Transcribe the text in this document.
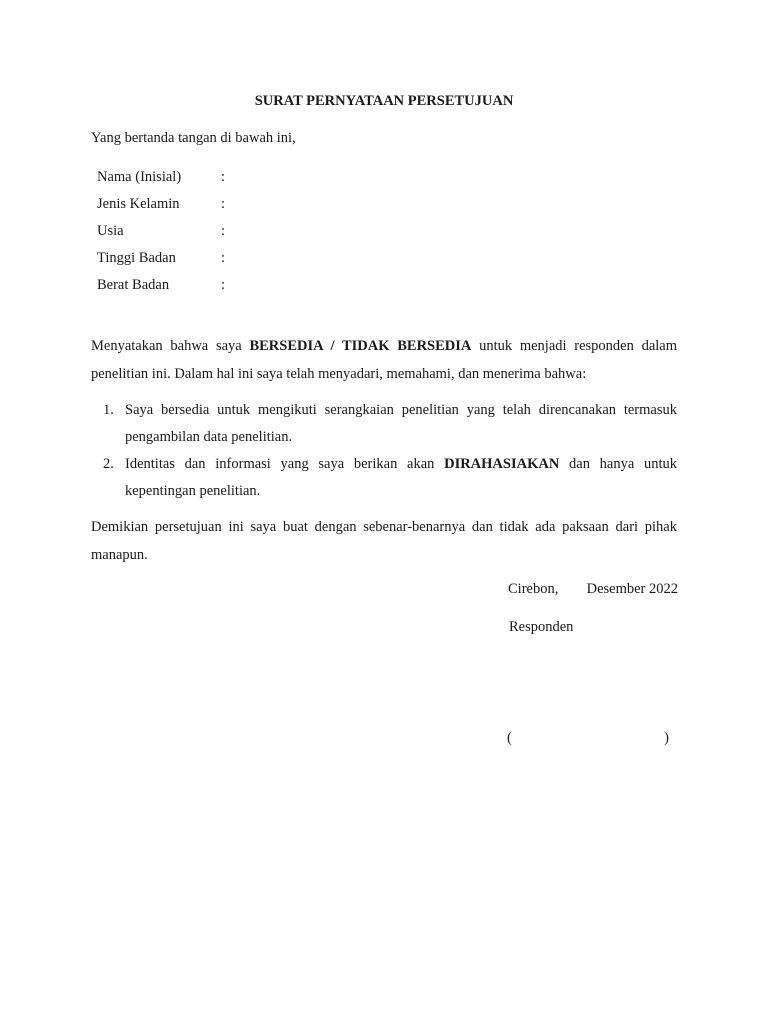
SURAT PERNYATAAN PERSETUJUAN
Yang bertanda tangan di bawah ini,
Nama (Inisial)	:
Jenis Kelamin	:
Usia	:
Tinggi Badan	:
Berat Badan	:
Menyatakan bahwa saya BERSEDIA / TIDAK BERSEDIA untuk menjadi responden dalam penelitian ini. Dalam hal ini saya telah menyadari, memahami, dan menerima bahwa:
1. Saya bersedia untuk mengikuti serangkaian penelitian yang telah direncanakan termasuk pengambilan data penelitian.
2. Identitas dan informasi yang saya berikan akan DIRAHASIAKAN dan hanya untuk kepentingan penelitian.
Demikian persetujuan ini saya buat dengan sebenar-benarnya dan tidak ada paksaan dari pihak manapun.
Cirebon, Desember 2022
Responden
(	)
